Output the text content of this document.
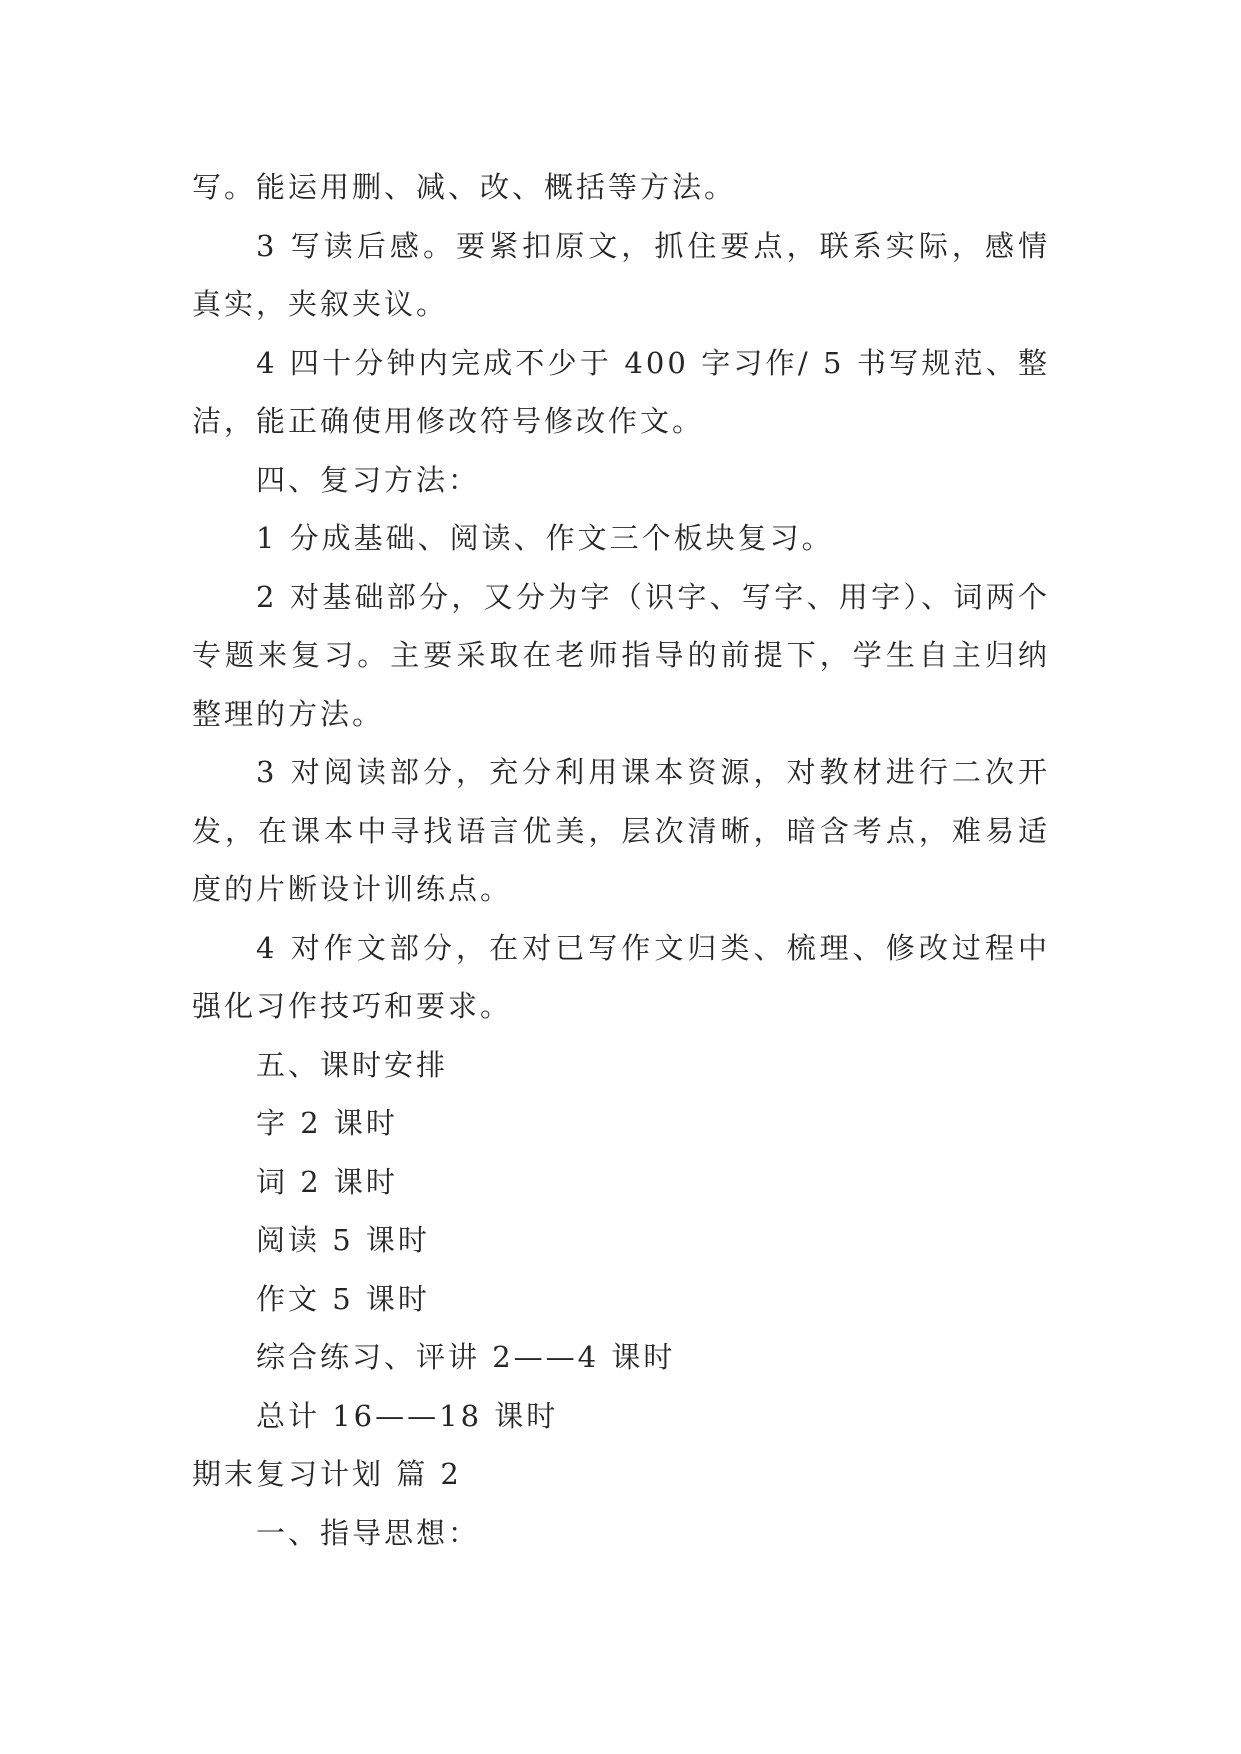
写。能运用删、减、改、概括等方法。
3 写读后感。要紧扣原文，抓住要点，联系实际，感情
真实，夹叙夹议。
4 四十分钟内完成不少于 400 字习作/ 5 书写规范、整
洁，能正确使用修改符号修改作文。
四、复习方法：
1 分成基础、阅读、作文三个板块复习。
2 对基础部分，又分为字（识字、写字、用字）、词两个
专题来复习。主要采取在老师指导的前提下，学生自主归纳
整理的方法。
3 对阅读部分，充分利用课本资源，对教材进行二次开
发，在课本中寻找语言优美，层次清晰，暗含考点，难易适
度的片断设计训练点。
4 对作文部分，在对已写作文归类、梳理、修改过程中
强化习作技巧和要求。
五、课时安排
字 2 课时
词 2 课时
阅读 5 课时
作文 5 课时
综合练习、评讲 2——4 课时
总计 16——18 课时
期末复习计划 篇 2
一、指导思想：
